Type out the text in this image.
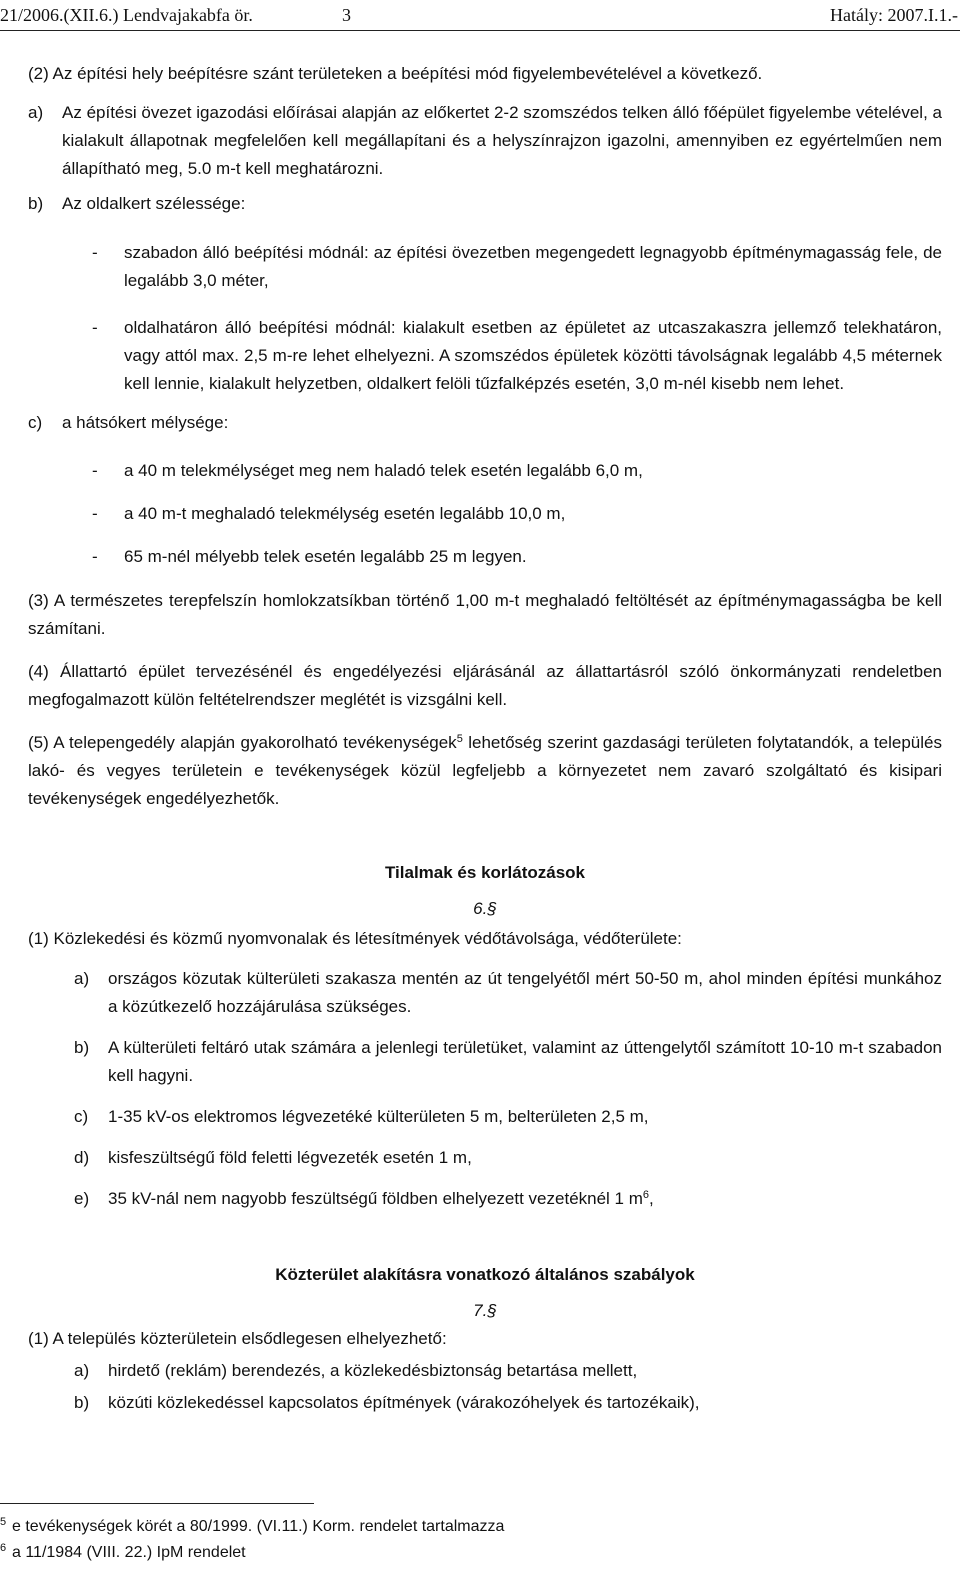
21/2006.(XII.6.) Lendvajakabfa ör.	3	Hatály: 2007.I.1.-

(2) Az építési hely beépítésre szánt területeken a beépítési mód figyelembevételével a következő.

a) Az építési övezet igazodási előírásai alapján az előkertet 2-2 szomszédos telken álló főépület figyelembe vételével, a kialakult állapotnak megfelelően kell megállapítani és a helyszínrajzon igazolni, amennyiben ez egyértelműen nem állapítható meg, 5.0 m-t kell meghatározni.
b) Az oldalkert szélessége:
- szabadon álló beépítési módnál: az építési övezetben megengedett legnagyobb építménymagasság fele, de legalább 3,0 méter,
- oldalhatáron álló beépítési módnál: kialakult esetben az épületet az utcaszakaszra jellemző telekhatáron, vagy attól max. 2,5 m-re lehet elhelyezni. A szomszédos épületek közötti távolságnak legalább 4,5 méternek kell lennie, kialakult helyzetben, oldalkert felöli tűzfalképzés esetén, 3,0 m-nél kisebb nem lehet.
c) a hátsókert mélysége:
- a 40 m telekmélységet meg nem haladó telek esetén legalább 6,0 m,
- a 40 m-t meghaladó telekmélység esetén legalább 10,0 m,
- 65 m-nél mélyebb telek esetén legalább 25 m legyen.

(3) A természetes terepfelszín homlokzatsíkban történő 1,00 m-t meghaladó feltöltését az építménymagasságba be kell számítani.

(4) Állattartó épület tervezésénél és engedélyezési eljárásánál az állattartásról szóló önkormányzati rendeletben megfogalmazott külön feltételrendszer meglétét is vizsgálni kell.

(5) A telepengedély alapján gyakorolható tevékenységek$^5$ lehetőség szerint gazdasági területen folytatandók, a település lakó- és vegyes területein e tevékenységek közül legfeljebb a környezetet nem zavaró szolgáltató és kisipari tevékenységek engedélyezhetők.

Tilalmak és korlátozások

6.§

(1) Közlekedési és közmű nyomvonalak és létesítmények védőtávolsága, védőterülete:

a) országos közutak külterületi szakasza mentén az út tengelyétől mért 50-50 m, ahol minden építési munkához a közútkezelő hozzájárulása szükséges.
b) A külterületi feltáró utak számára a jelenlegi területüket, valamint az úttengelytől számított 10-10 m-t szabadon kell hagyni.
c) 1-35 kV-os elektromos légvezetéké külterületen 5 m, belterületen 2,5 m,
d) kisfeszültségű föld feletti légvezeték esetén 1 m,
e) 35 kV-nál nem nagyobb feszültségű földben elhelyezett vezetéknél 1 $m^6$,

Közterület alakításra vonatkozó általános szabályok

7.§

(1) A település közterületein elsődlegesen elhelyezhető:

a) hirdető (reklám) berendezés, a közlekedésbiztonság betartása mellett,
b) közúti közlekedéssel kapcsolatos építmények (várakozóhelyek és tartozékaik),
5 e tevékenységek körét a 80/1999. (VI.11.) Korm. rendelet tartalmazza
6 a 11/1984 (VIII. 22.) IpM rendelet
